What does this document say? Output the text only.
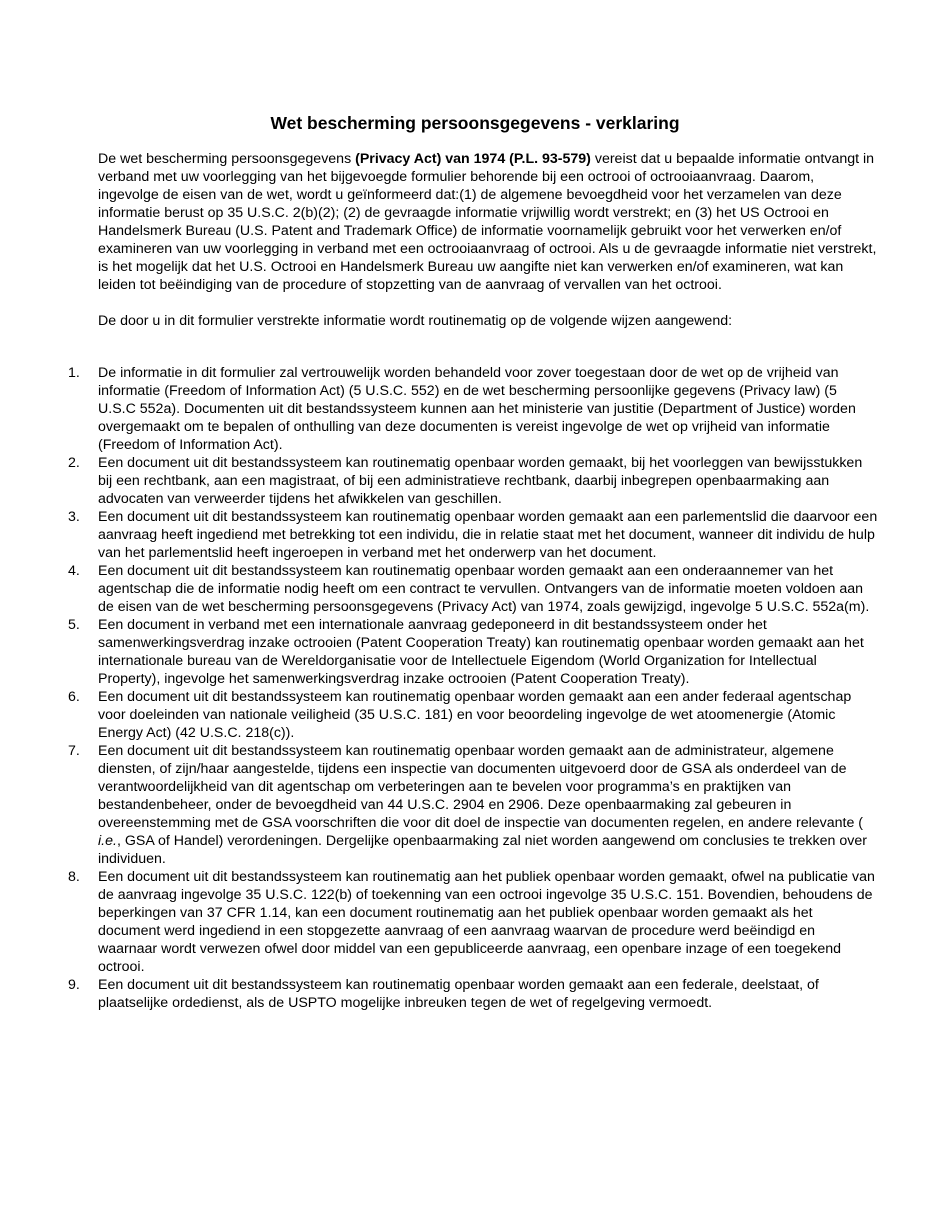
Wet bescherming persoonsgegevens - verklaring

De wet bescherming persoonsgegevens (Privacy Act) van 1974 (P.L. 93-579) vereist dat u bepaalde informatie ontvangt in verband met uw voorlegging van het bijgevoegde formulier behorende bij een octrooi of octrooiaanvraag. Daarom, ingevolge de eisen van de wet, wordt u geïnformeerd dat:(1) de algemene bevoegdheid voor het verzamelen van deze informatie berust op 35 U.S.C. 2(b)(2); (2) de gevraagde informatie vrijwillig wordt verstrekt; en (3) het US Octrooi en Handelsmerk Bureau (U.S. Patent and Trademark Office) de informatie voornamelijk gebruikt voor het verwerken en/of examineren van uw voorlegging in verband met een octrooiaanvraag of octrooi. Als u de gevraagde informatie niet verstrekt, is het mogelijk dat het U.S. Octrooi en Handelsmerk Bureau uw aangifte niet kan verwerken en/of examineren, wat kan leiden tot beëindiging van de procedure of stopzetting van de aanvraag of vervallen van het octrooi.

De door u in dit formulier verstrekte informatie wordt routinematig op de volgende wijzen aangewend:

1. De informatie in dit formulier zal vertrouwelijk worden behandeld voor zover toegestaan door de wet op de vrijheid van informatie (Freedom of Information Act) (5 U.S.C. 552) en de wet bescherming persoonlijke gegevens (Privacy law) (5 U.S.C 552a). Documenten uit dit bestandssysteem kunnen aan het ministerie van justitie (Department of Justice) worden overgemaakt om te bepalen of onthulling van deze documenten is vereist ingevolge de wet op vrijheid van informatie (Freedom of Information Act).
2. Een document uit dit bestandssysteem kan routinematig openbaar worden gemaakt, bij het voorleggen van bewijsstukken bij een rechtbank, aan een magistraat, of bij een administratieve rechtbank, daarbij inbegrepen openbaarmaking aan advocaten van verweerder tijdens het afwikkelen van geschillen.
3. Een document uit dit bestandssysteem kan routinematig openbaar worden gemaakt aan een parlementslid die daarvoor een aanvraag heeft ingediend met betrekking tot een individu, die in relatie staat met het document, wanneer dit individu de hulp van het parlementslid heeft ingeroepen in verband met het onderwerp van het document.
4. Een document uit dit bestandssysteem kan routinematig openbaar worden gemaakt aan een onderaannemer van het agentschap die de informatie nodig heeft om een contract te vervullen. Ontvangers van de informatie moeten voldoen aan de eisen van de wet bescherming persoonsgegevens (Privacy Act) van 1974, zoals gewijzigd, ingevolge 5 U.S.C. 552a(m).
5. Een document in verband met een internationale aanvraag gedeponeerd in dit bestandssysteem onder het samenwerkingsverdrag inzake octrooien (Patent Cooperation Treaty) kan routinematig openbaar worden gemaakt aan het internationale bureau van de Wereldorganisatie voor de Intellectuele Eigendom (World Organization for Intellectual Property), ingevolge het samenwerkingsverdrag inzake octrooien (Patent Cooperation Treaty).
6. Een document uit dit bestandssysteem kan routinematig openbaar worden gemaakt aan een ander federaal agentschap voor doeleinden van nationale veiligheid (35 U.S.C. 181) en voor beoordeling ingevolge de wet atoomenergie (Atomic Energy Act) (42 U.S.C. 218(c)).
7. Een document uit dit bestandssysteem kan routinematig openbaar worden gemaakt aan de administrateur, algemene diensten, of zijn/haar aangestelde, tijdens een inspectie van documenten uitgevoerd door de GSA als onderdeel van de verantwoordelijkheid van dit agentschap om verbeteringen aan te bevelen voor programma’s en praktijken van bestandenbeheer, onder de bevoegdheid van 44 U.S.C. 2904 en 2906. Deze openbaarmaking zal gebeuren in overeenstemming met de GSA voorschriften die voor dit doel de inspectie van documenten regelen, en andere relevante ( i.e., GSA of Handel) verordeningen. Dergelijke openbaarmaking zal niet worden aangewend om conclusies te trekken over individuen.
8. Een document uit dit bestandssysteem kan routinematig aan het publiek openbaar worden gemaakt, ofwel na publicatie van de aanvraag ingevolge 35 U.S.C. 122(b) of toekenning van een octrooi ingevolge 35 U.S.C. 151. Bovendien, behoudens de beperkingen van 37 CFR 1.14, kan een document routinematig aan het publiek openbaar worden gemaakt als het document werd ingediend in een stopgezette aanvraag of een aanvraag waarvan de procedure werd beëindigd en waarnaar wordt verwezen ofwel door middel van een gepubliceerde aanvraag, een openbare inzage of een toegekend octrooi.
9. Een document uit dit bestandssysteem kan routinematig openbaar worden gemaakt aan een federale, deelstaat, of plaatselijke ordedienst, als de USPTO mogelijke inbreuken tegen de wet of regelgeving vermoedt.
